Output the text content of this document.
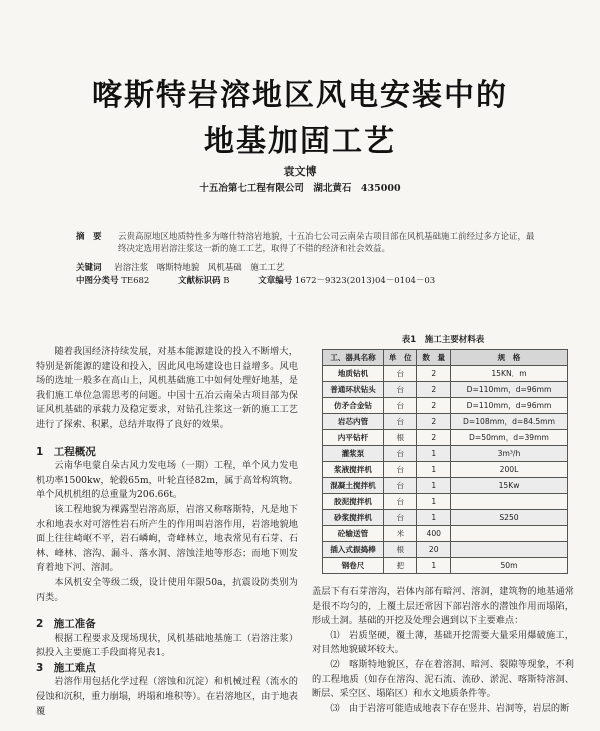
喀斯特岩溶地区风电安装中的
地基加固工艺
袁文博
十五冶第七工程有限公司　湖北黄石　435000
摘　要 云贵高原地区地质特性多为喀什特溶岩地貌，十五冶七公司云南朵古项目部在风机基础施工前经过多方论证，最终决定选用岩溶注浆这一新的施工工艺，取得了不错的经济和社会效益。
关键词 岩溶注浆　喀斯特地貌　风机基础　施工工艺
中图分类号 TE682	文献标识码 B	文章编号 1672－9323(2013)04－0104－03

随着我国经济持续发展，对基本能源建设的投入不断增大，特别是新能源的建设和投入，因此风电场建设也日益增多。风电场的选址一般多在高山上，风机基础施工中如何处理好地基，是我们施工单位急需思考的问题。中国十五冶云南朵古项目部为保证风机基础的承载力及稳定要求，对钻孔注浆这一新的施工工艺进行了探索、积累，总结并取得了良好的效果。

1　工程概况

云南华电蒙自朵古风力发电场（一期）工程，单个风力发电机功率1500kw，轮毂65m，叶轮直径82m，属于高耸构筑物。单个风机机组的总重量为206.66t。

该工程地貌为裸露型岩溶高原，岩溶又称喀斯特，凡是地下水和地表水对可溶性岩石所产生的作用叫岩溶作用，岩溶地貌地面上往往崎岖不平，岩石嶙峋，奇峰林立，地表常见有石芽、石林、峰林、溶沟、漏斗、落水洞、溶蚀洼地等形态；而地下则发育着地下河、溶洞。

本风机安全等级二级，设计使用年限50a，抗震设防类别为丙类。

2　施工准备

根据工程要求及现场现状，风机基础地基施工（岩溶注浆）拟投入主要施工手段面将见表1。

3　施工难点

岩溶作用包括化学过程（溶蚀和沉淀）和机械过程（流水的侵蚀和沉积，重力崩塌，坍塌和堆积等）。在岩溶地区，由于地表覆

表1　施工主要材料表
工、器具名称	单　位	数　量	规　格
地质钻机	台	2	15KN．m
普通环状钻头	台	2	D=110mm，d=96mm
仿矛合金钻	台	2	D=110mm，d=96mm
岩芯内管	台	2	D=108mm，d=84.5mm
内平钻杆	根	2	D=50mm，d=39mm
灌浆泵	台	1	3m³/h
浆液搅拌机	台	1	200L
混凝土搅拌机	台	1	15Kw
胶泥搅拌机	台	1	
砂浆搅拌机	台	1	S250
砼输送管	米	400	
插入式振捣棒	根	20	
钢卷尺	把	1	50m

盖层下有石芽溶沟，岩体内部有暗河、溶洞，建筑物的地基通常是很不均匀的，上覆土层还常因下部岩溶水的潜蚀作用而塌陷，形成土洞。基础的开挖及处理会遇到以下主要难点：

⑴　岩质坚硬，覆土薄，基础开挖需要大量采用爆破施工，对目然地貌破坏较大。

⑵　喀斯特地貌区，存在着溶洞、暗河、裂隙等现象，不利的工程地质（如存在溶沟、泥石流、流砂、淤泥、喀斯特溶洞、断层、采空区、塌陷区）和水文地质条件等。

⑶　由于岩溶可能造成地表下存在竖井、岩洞等，岩层的断
